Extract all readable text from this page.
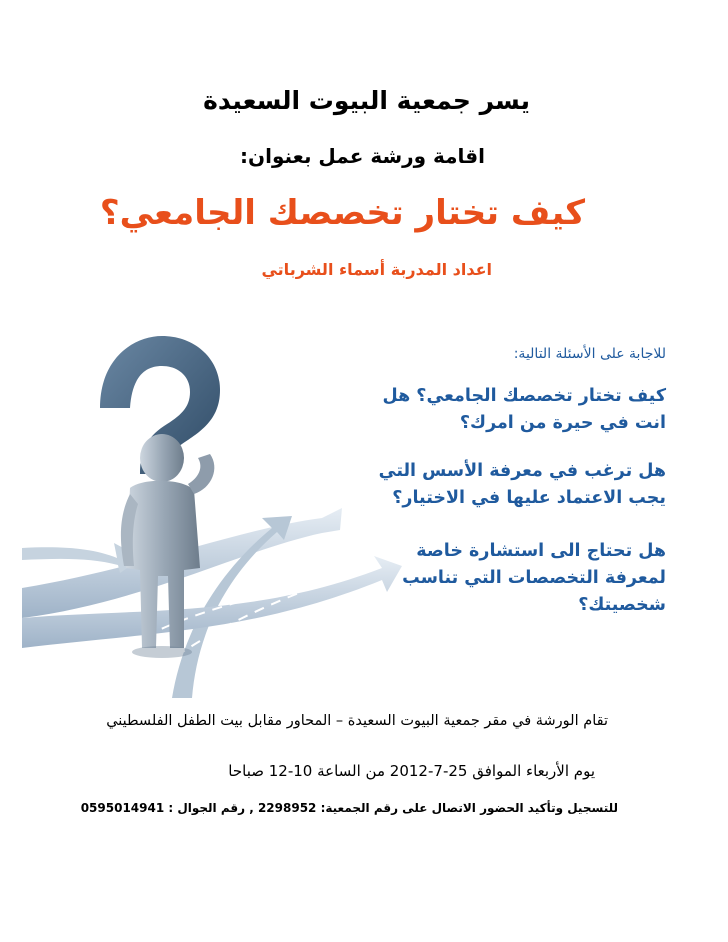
يسر جمعية البيوت السعيدة
اقامة ورشة عمل بعنوان:
كيف تختار تخصصك الجامعي؟
اعداد المدربة أسماء الشرباتي
للاجابة على الأسئلة التالية:
كيف تختار تخصصك الجامعي؟ هل انت في حيرة من امرك؟
هل ترغب في معرفة الأسس التي يجب الاعتماد عليها في الاختيار؟
هل تحتاج الى استشارة خاصة لمعرفة التخصصات التي تناسب شخصيتك؟
تقام الورشة في مقر جمعية البيوت السعيدة – المحاور مقابل بيت الطفل الفلسطيني
يوم الأربعاء الموافق 25-7-2012 من الساعة 10-12 صباحا
للتسجيل وتأكيد الحضور الاتصال على رقم الجمعية: 2298952 , رقم الجوال : 0595014941
